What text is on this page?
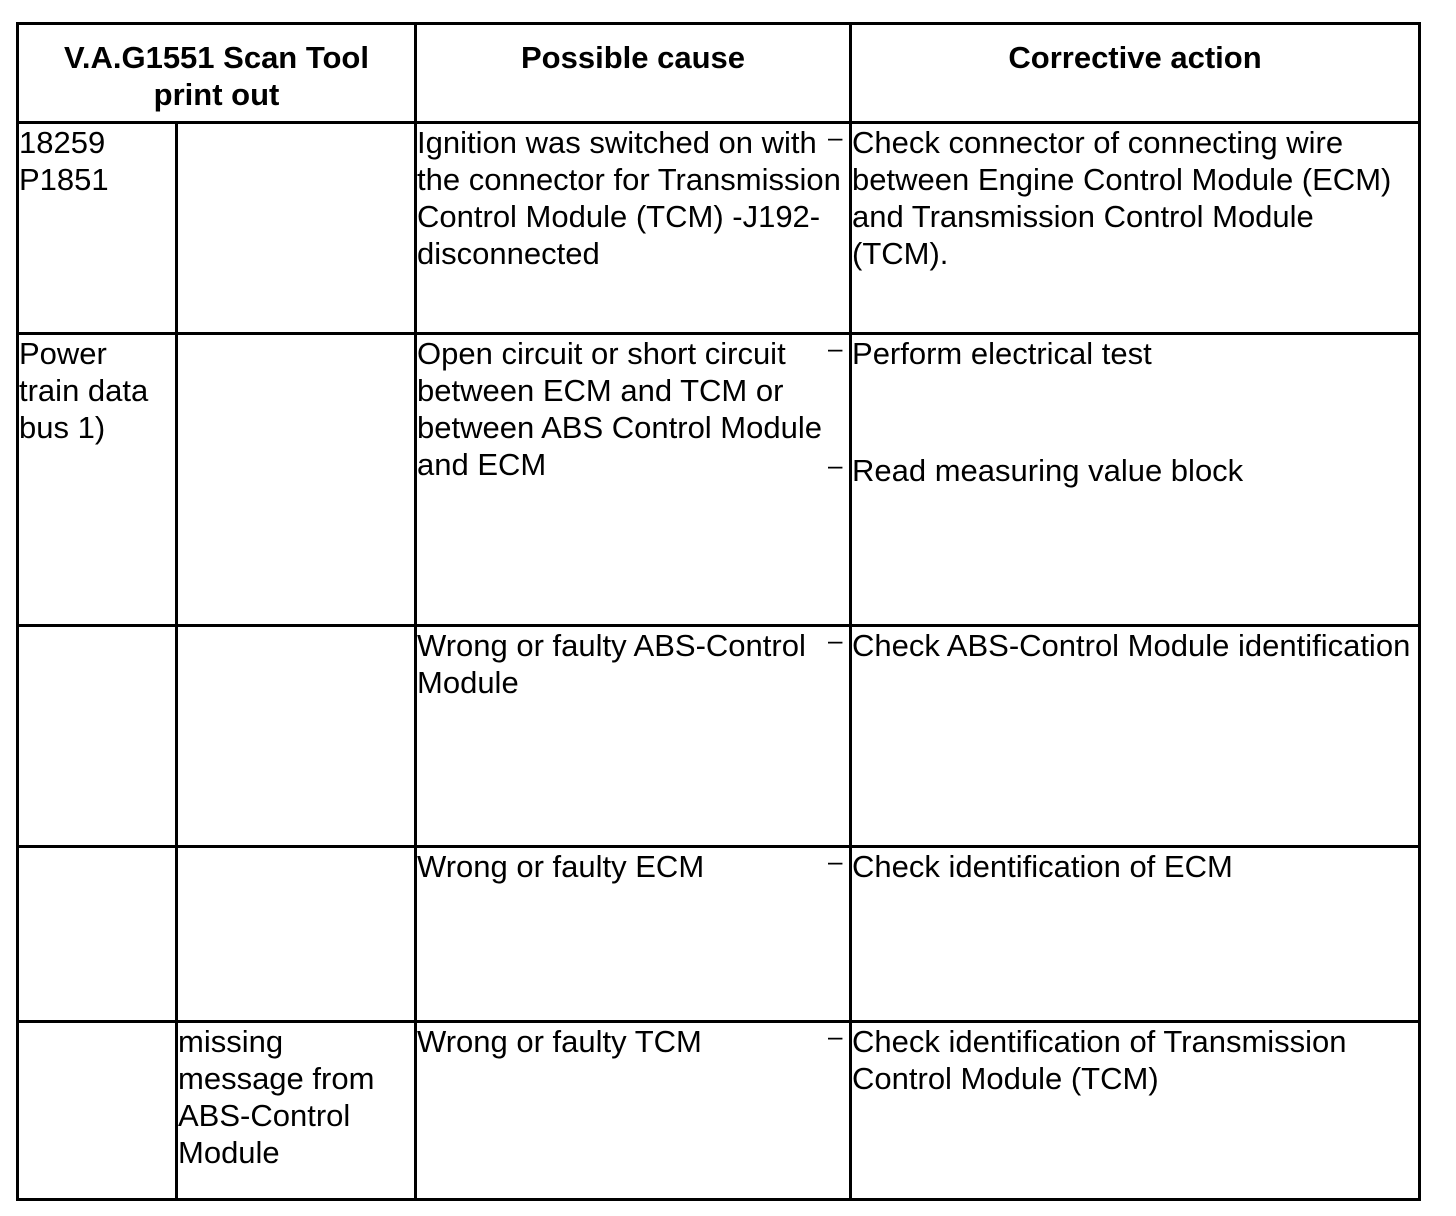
V.A.G1551 Scan Tool print out		Possible cause	Corrective action
18259
P1851		Ignition was switched on with the connector for Transmission Control Module (TCM) -J192- disconnected	– Check connector of connecting wire between Engine Control Module (ECM) and Transmission Control Module (TCM).

Power train data bus 1)		Open circuit or short circuit between ECM and TCM or between ABS Control Module and ECM	– Perform electrical test

– Read measuring value block

		Wrong or faulty ABS-Control Module	– Check ABS-Control Module identification

		Wrong or faulty ECM	– Check identification of ECM

	missing message from ABS-Control Module	Wrong or faulty TCM	– Check identification of Transmission Control Module (TCM)
